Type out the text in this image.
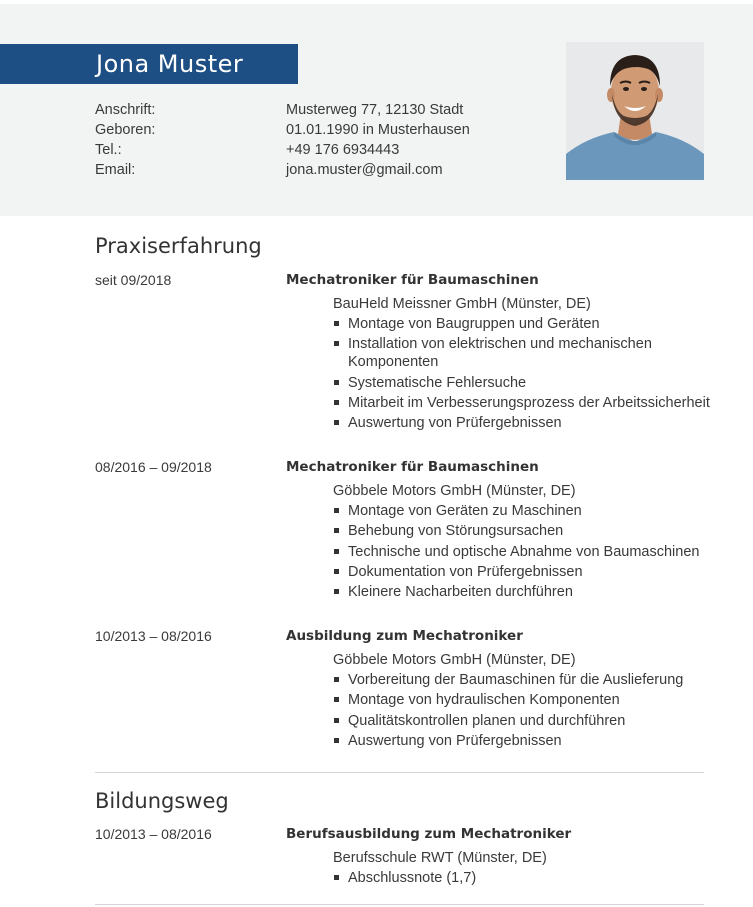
Jona Muster
Anschrift:	Musterweg 77, 12130 Stadt
Geboren:	01.01.1990 in Musterhausen
Tel.:	+49 176 6934443
Email:	jona.muster@gmail.com
Praxiserfahrung
seit 09/2018	Mechatroniker für Baumaschinen
BauHeld Meissner GmbH (Münster, DE)
Montage von Baugruppen und Geräten
Installation von elektrischen und mechanischen Komponenten
Systematische Fehlersuche
Mitarbeit im Verbesserungsprozess der Arbeitssicherheit
Auswertung von Prüfergebnissen
08/2016 – 09/2018	Mechatroniker für Baumaschinen
Göbbele Motors GmbH (Münster, DE)
Montage von Geräten zu Maschinen
Behebung von Störungsursachen
Technische und optische Abnahme von Baumaschinen
Dokumentation von Prüfergebnissen
Kleinere Nacharbeiten durchführen
10/2013 – 08/2016	Ausbildung zum Mechatroniker
Göbbele Motors GmbH (Münster, DE)
Vorbereitung der Baumaschinen für die Auslieferung
Montage von hydraulischen Komponenten
Qualitätskontrollen planen und durchführen
Auswertung von Prüfergebnissen
Bildungsweg
10/2013 – 08/2016	Berufsausbildung zum Mechatroniker
Berufsschule RWT (Münster, DE)
Abschlussnote (1,7)
